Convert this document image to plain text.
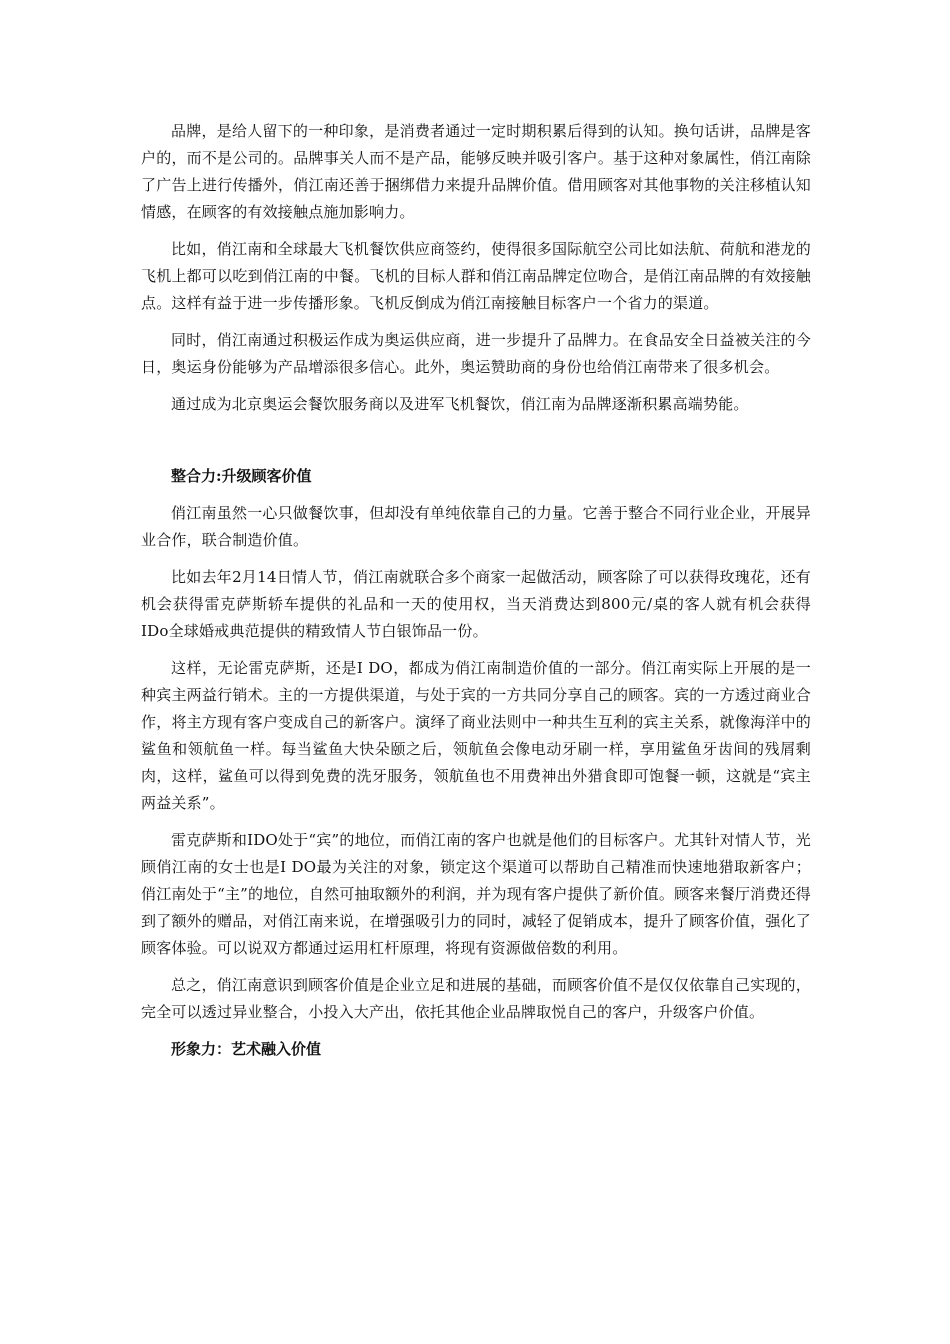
品牌，是给人留下的一种印象，是消费者通过一定时期积累后得到的认知。换句话讲，品牌是客户的，而不是公司的。品牌事关人而不是产品，能够反映并吸引客户。基于这种对象属性，俏江南除了广告上进行传播外，俏江南还善于捆绑借力来提升品牌价值。借用顾客对其他事物的关注移植认知情感，在顾客的有效接触点施加影响力。

比如，俏江南和全球最大飞机餐饮供应商签约，使得很多国际航空公司比如法航、荷航和港龙的飞机上都可以吃到俏江南的中餐。飞机的目标人群和俏江南品牌定位吻合，是俏江南品牌的有效接触点。这样有益于进一步传播形象。飞机反倒成为俏江南接触目标客户一个省力的渠道。

同时，俏江南通过积极运作成为奥运供应商，进一步提升了品牌力。在食品安全日益被关注的今日，奥运身份能够为产品增添很多信心。此外，奥运赞助商的身份也给俏江南带来了很多机会。

通过成为北京奥运会餐饮服务商以及进军飞机餐饮，俏江南为品牌逐渐积累高端势能。

整合力:升级顾客价值

俏江南虽然一心只做餐饮事，但却没有单纯依靠自己的力量。它善于整合不同行业企业，开展异业合作，联合制造价值。

比如去年2月14日情人节，俏江南就联合多个商家一起做活动，顾客除了可以获得玫瑰花，还有机会获得雷克萨斯轿车提供的礼品和一天的使用权，当天消费达到800元/桌的客人就有机会获得IDo全球婚戒典范提供的精致情人节白银饰品一份。

这样，无论雷克萨斯，还是I DO，都成为俏江南制造价值的一部分。俏江南实际上开展的是一种宾主两益行销术。主的一方提供渠道，与处于宾的一方共同分享自己的顾客。宾的一方透过商业合作，将主方现有客户变成自己的新客户。演绎了商业法则中一种共生互利的宾主关系，就像海洋中的鲨鱼和领航鱼一样。每当鲨鱼大快朵颐之后，领航鱼会像电动牙刷一样，享用鲨鱼牙齿间的残屑剩肉，这样，鲨鱼可以得到免费的洗牙服务，领航鱼也不用费神出外猎食即可饱餐一顿，这就是“宾主两益关系”。

雷克萨斯和IDO处于“宾”的地位，而俏江南的客户也就是他们的目标客户。尤其针对情人节，光顾俏江南的女士也是I DO最为关注的对象，锁定这个渠道可以帮助自己精准而快速地猎取新客户；俏江南处于“主”的地位，自然可抽取额外的利润，并为现有客户提供了新价值。顾客来餐厅消费还得到了额外的赠品，对俏江南来说，在增强吸引力的同时，减轻了促销成本，提升了顾客价值，强化了顾客体验。可以说双方都通过运用杠杆原理，将现有资源做倍数的利用。

总之，俏江南意识到顾客价值是企业立足和进展的基础，而顾客价值不是仅仅依靠自己实现的，完全可以透过异业整合，小投入大产出，依托其他企业品牌取悦自己的客户，升级客户价值。

形象力：艺术融入价值
